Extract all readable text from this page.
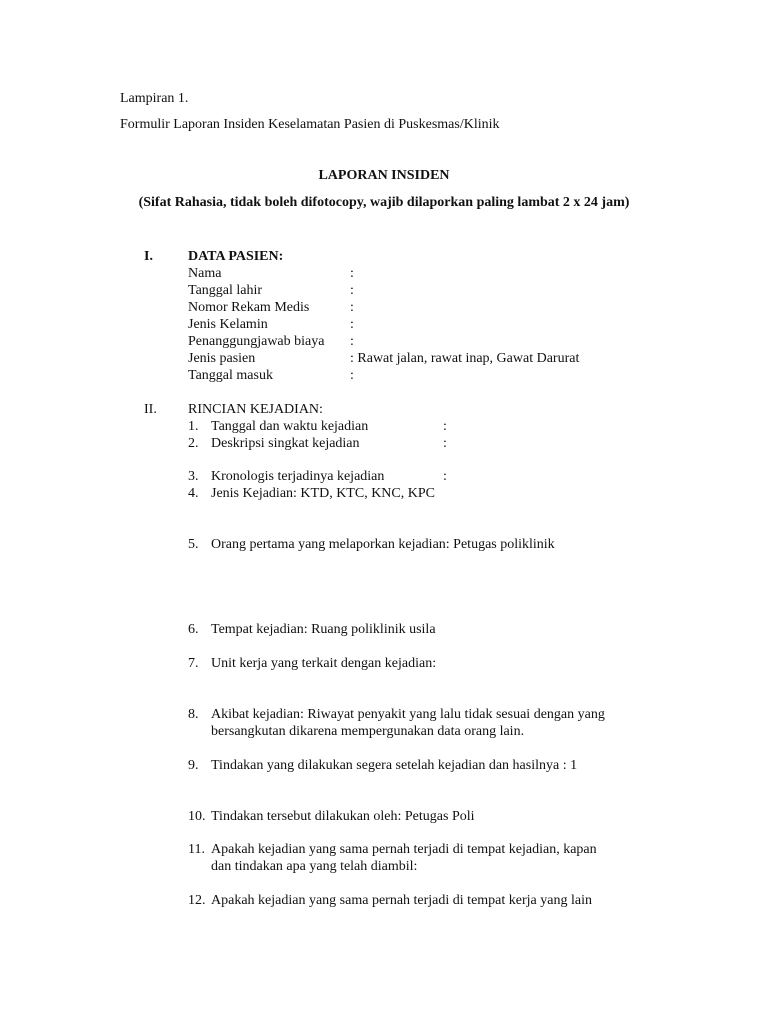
Lampiran 1.
Formulir Laporan Insiden Keselamatan Pasien di Puskesmas/Klinik
LAPORAN INSIDEN
(Sifat Rahasia, tidak boleh difotocopy, wajib dilaporkan paling lambat 2 x 24 jam)
I.	DATA PASIEN:
Nama	:
Tanggal lahir	:
Nomor Rekam Medis	:
Jenis Kelamin	:
Penanggungjawab biaya :
Jenis pasien	: Rawat jalan, rawat inap, Gawat Darurat
Tanggal masuk	:
II. RINCIAN KEJADIAN:
1. Tanggal dan waktu kejadian	:
2. Deskripsi singkat kejadian	:
3. Kronologis terjadinya kejadian	:
4. Jenis Kejadian: KTD, KTC, KNC, KPC
5. Orang pertama yang melaporkan kejadian: Petugas poliklinik
6. Tempat kejadian: Ruang poliklinik usila
7. Unit kerja yang terkait dengan kejadian:
8. Akibat kejadian: Riwayat penyakit yang lalu tidak sesuai dengan yang
bersangkutan dikarena mempergunakan data orang lain.
9. Tindakan yang dilakukan segera setelah kejadian dan hasilnya : 1
10. Tindakan tersebut dilakukan oleh: Petugas Poli
11. Apakah kejadian yang sama pernah terjadi di tempat kejadian, kapan
dan tindakan apa yang telah diambil:
12. Apakah kejadian yang sama pernah terjadi di tempat kerja yang lain
